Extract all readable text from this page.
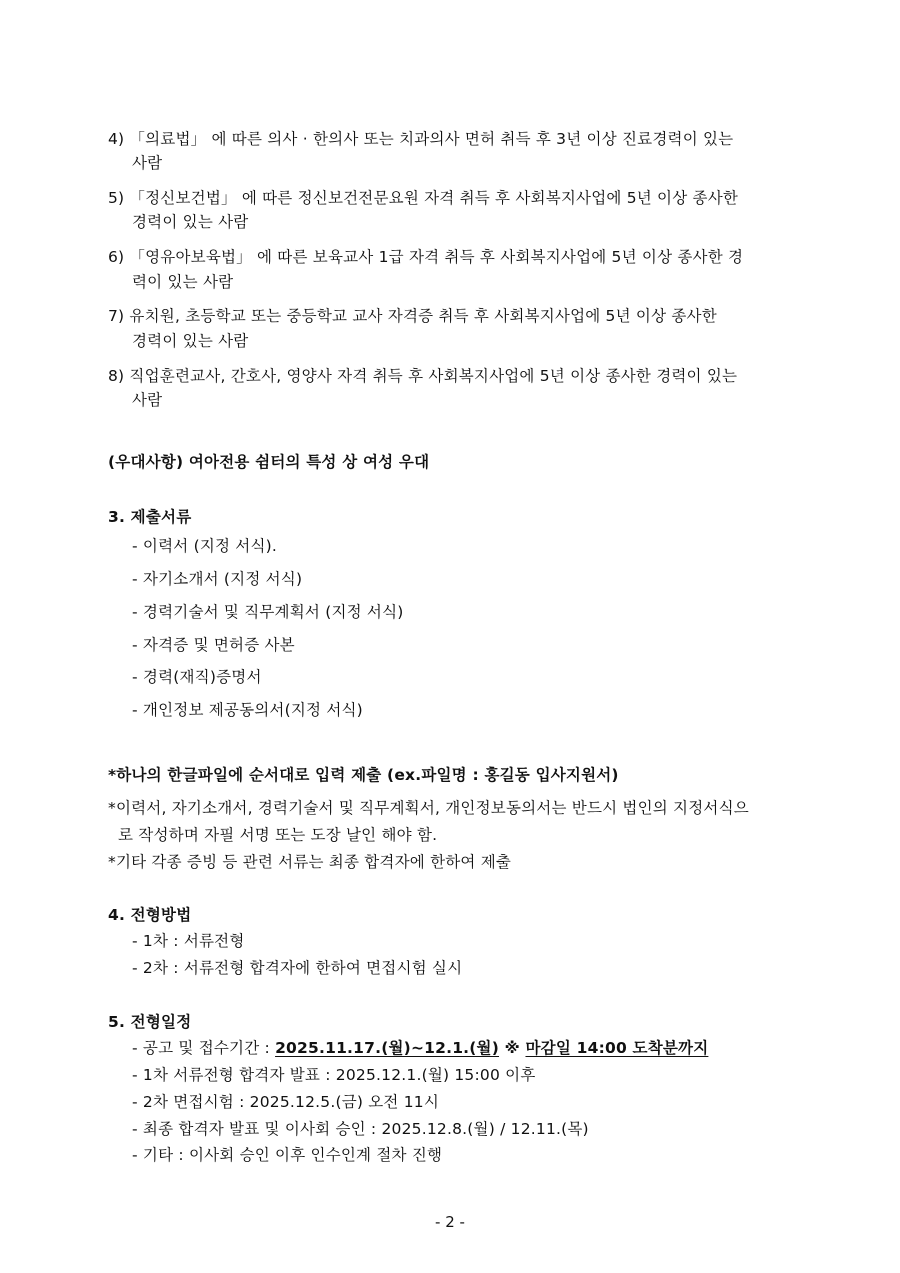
4) 「의료법」 에 따른 의사 · 한의사 또는 치과의사 면허 취득 후 3년 이상 진료경력이 있는
사람
5) 「정신보건법」 에 따른 정신보건전문요원 자격 취득 후 사회복지사업에 5년 이상 종사한
경력이 있는 사람
6) 「영유아보육법」 에 따른 보육교사 1급 자격 취득 후 사회복지사업에 5년 이상 종사한 경
력이 있는 사람
7) 유치원, 초등학교 또는 중등학교 교사 자격증 취득 후 사회복지사업에 5년 이상 종사한
경력이 있는 사람
8) 직업훈련교사, 간호사, 영양사 자격 취득 후 사회복지사업에 5년 이상 종사한 경력이 있는
사람
(우대사항) 여아전용 쉼터의 특성 상 여성 우대
3. 제출서류
- 이력서 (지정 서식).
- 자기소개서 (지정 서식)
- 경력기술서 및 직무계획서 (지정 서식)
- 자격증 및 면허증 사본
- 경력(재직)증명서
- 개인정보 제공동의서(지정 서식)
*하나의 한글파일에 순서대로 입력 제출 (ex.파일명 : 홍길동 입사지원서)
*이력서, 자기소개서, 경력기술서 및 직무계획서, 개인정보동의서는 반드시 법인의 지정서식으
로 작성하며 자필 서명 또는 도장 날인 해야 함.
*기타 각종 증빙 등 관련 서류는 최종 합격자에 한하여 제출
4. 전형방법
- 1차 : 서류전형
- 2차 : 서류전형 합격자에 한하여 면접시험 실시
5. 전형일정
- 공고 및 접수기간 : 2025.11.17.(월)~12.1.(월) ※ 마감일 14:00 도착분까지
- 1차 서류전형 합격자 발표 : 2025.12.1.(월) 15:00 이후
- 2차 면접시험 : 2025.12.5.(금) 오전 11시
- 최종 합격자 발표 및 이사회 승인 : 2025.12.8.(월) / 12.11.(목)
- 기타 : 이사회 승인 이후 인수인계 절차 진행
- 2 -
